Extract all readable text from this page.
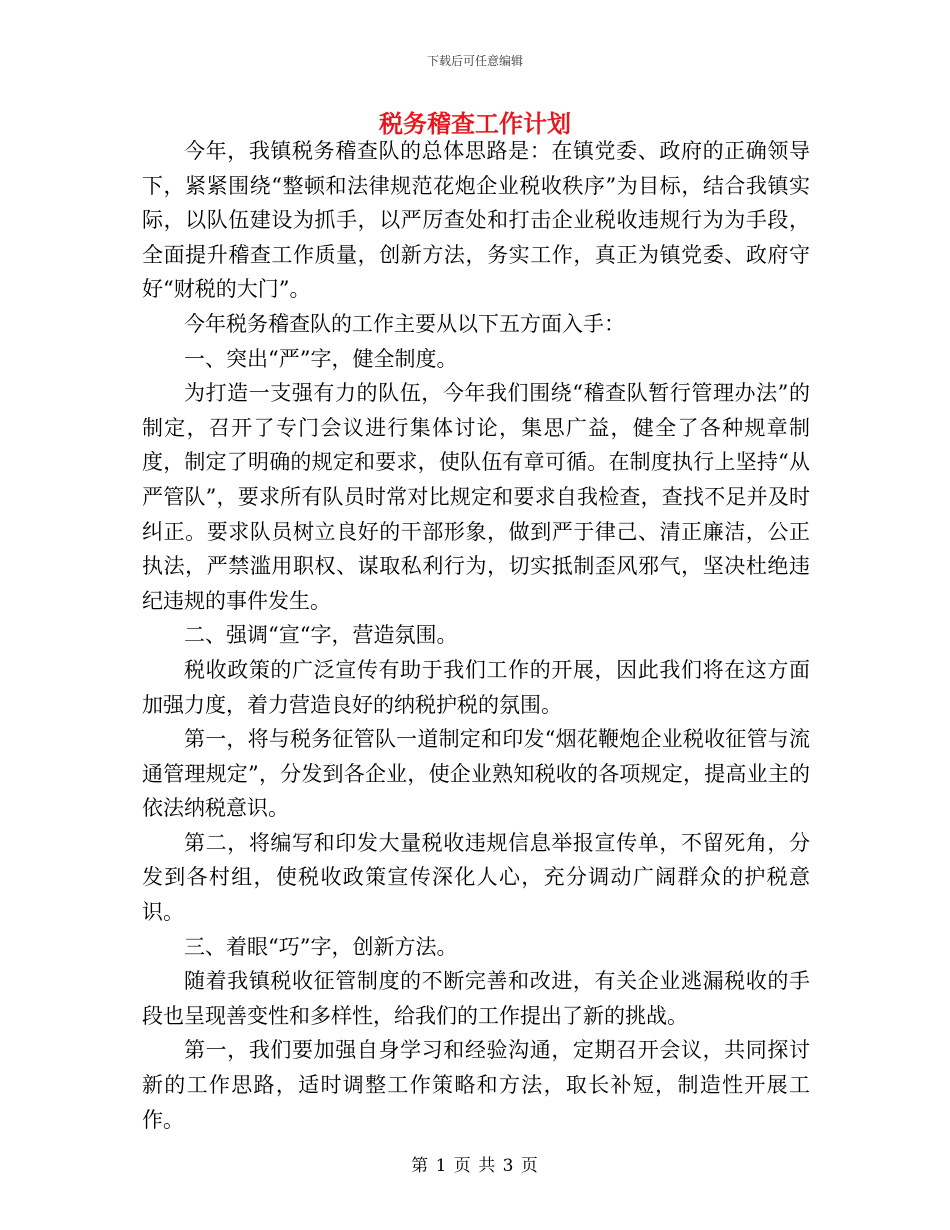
下载后可任意编辑
税务稽查工作计划

今年，我镇税务稽查队的总体思路是：在镇党委、政府的正确领导下，紧紧围绕“整顿和法律规范花炮企业税收秩序”为目标，结合我镇实际，以队伍建设为抓手，以严厉查处和打击企业税收违规行为为手段，全面提升稽查工作质量，创新方法，务实工作，真正为镇党委、政府守好“财税的大门”。

今年税务稽查队的工作主要从以下五方面入手：

一、突出“严”字，健全制度。

为打造一支强有力的队伍，今年我们围绕“稽查队暂行管理办法”的制定，召开了专门会议进行集体讨论，集思广益，健全了各种规章制度，制定了明确的规定和要求，使队伍有章可循。在制度执行上坚持“从严管队”，要求所有队员时常对比规定和要求自我检查，查找不足并及时纠正。要求队员树立良好的干部形象，做到严于律己、清正廉洁，公正执法，严禁滥用职权、谋取私利行为，切实抵制歪风邪气，坚决杜绝违纪违规的事件发生。

二、强调“宣“字，营造氛围。

税收政策的广泛宣传有助于我们工作的开展，因此我们将在这方面加强力度，着力营造良好的纳税护税的氛围。

第一，将与税务征管队一道制定和印发“烟花鞭炮企业税收征管与流通管理规定”，分发到各企业，使企业熟知税收的各项规定，提高业主的依法纳税意识。

第二，将编写和印发大量税收违规信息举报宣传单，不留死角，分发到各村组，使税收政策宣传深化人心，充分调动广阔群众的护税意识。

三、着眼“巧”字，创新方法。

随着我镇税收征管制度的不断完善和改进，有关企业逃漏税收的手段也呈现善变性和多样性，给我们的工作提出了新的挑战。

第一，我们要加强自身学习和经验沟通，定期召开会议，共同探讨新的工作思路，适时调整工作策略和方法，取长补短，制造性开展工作。

第 1 页 共 3 页
